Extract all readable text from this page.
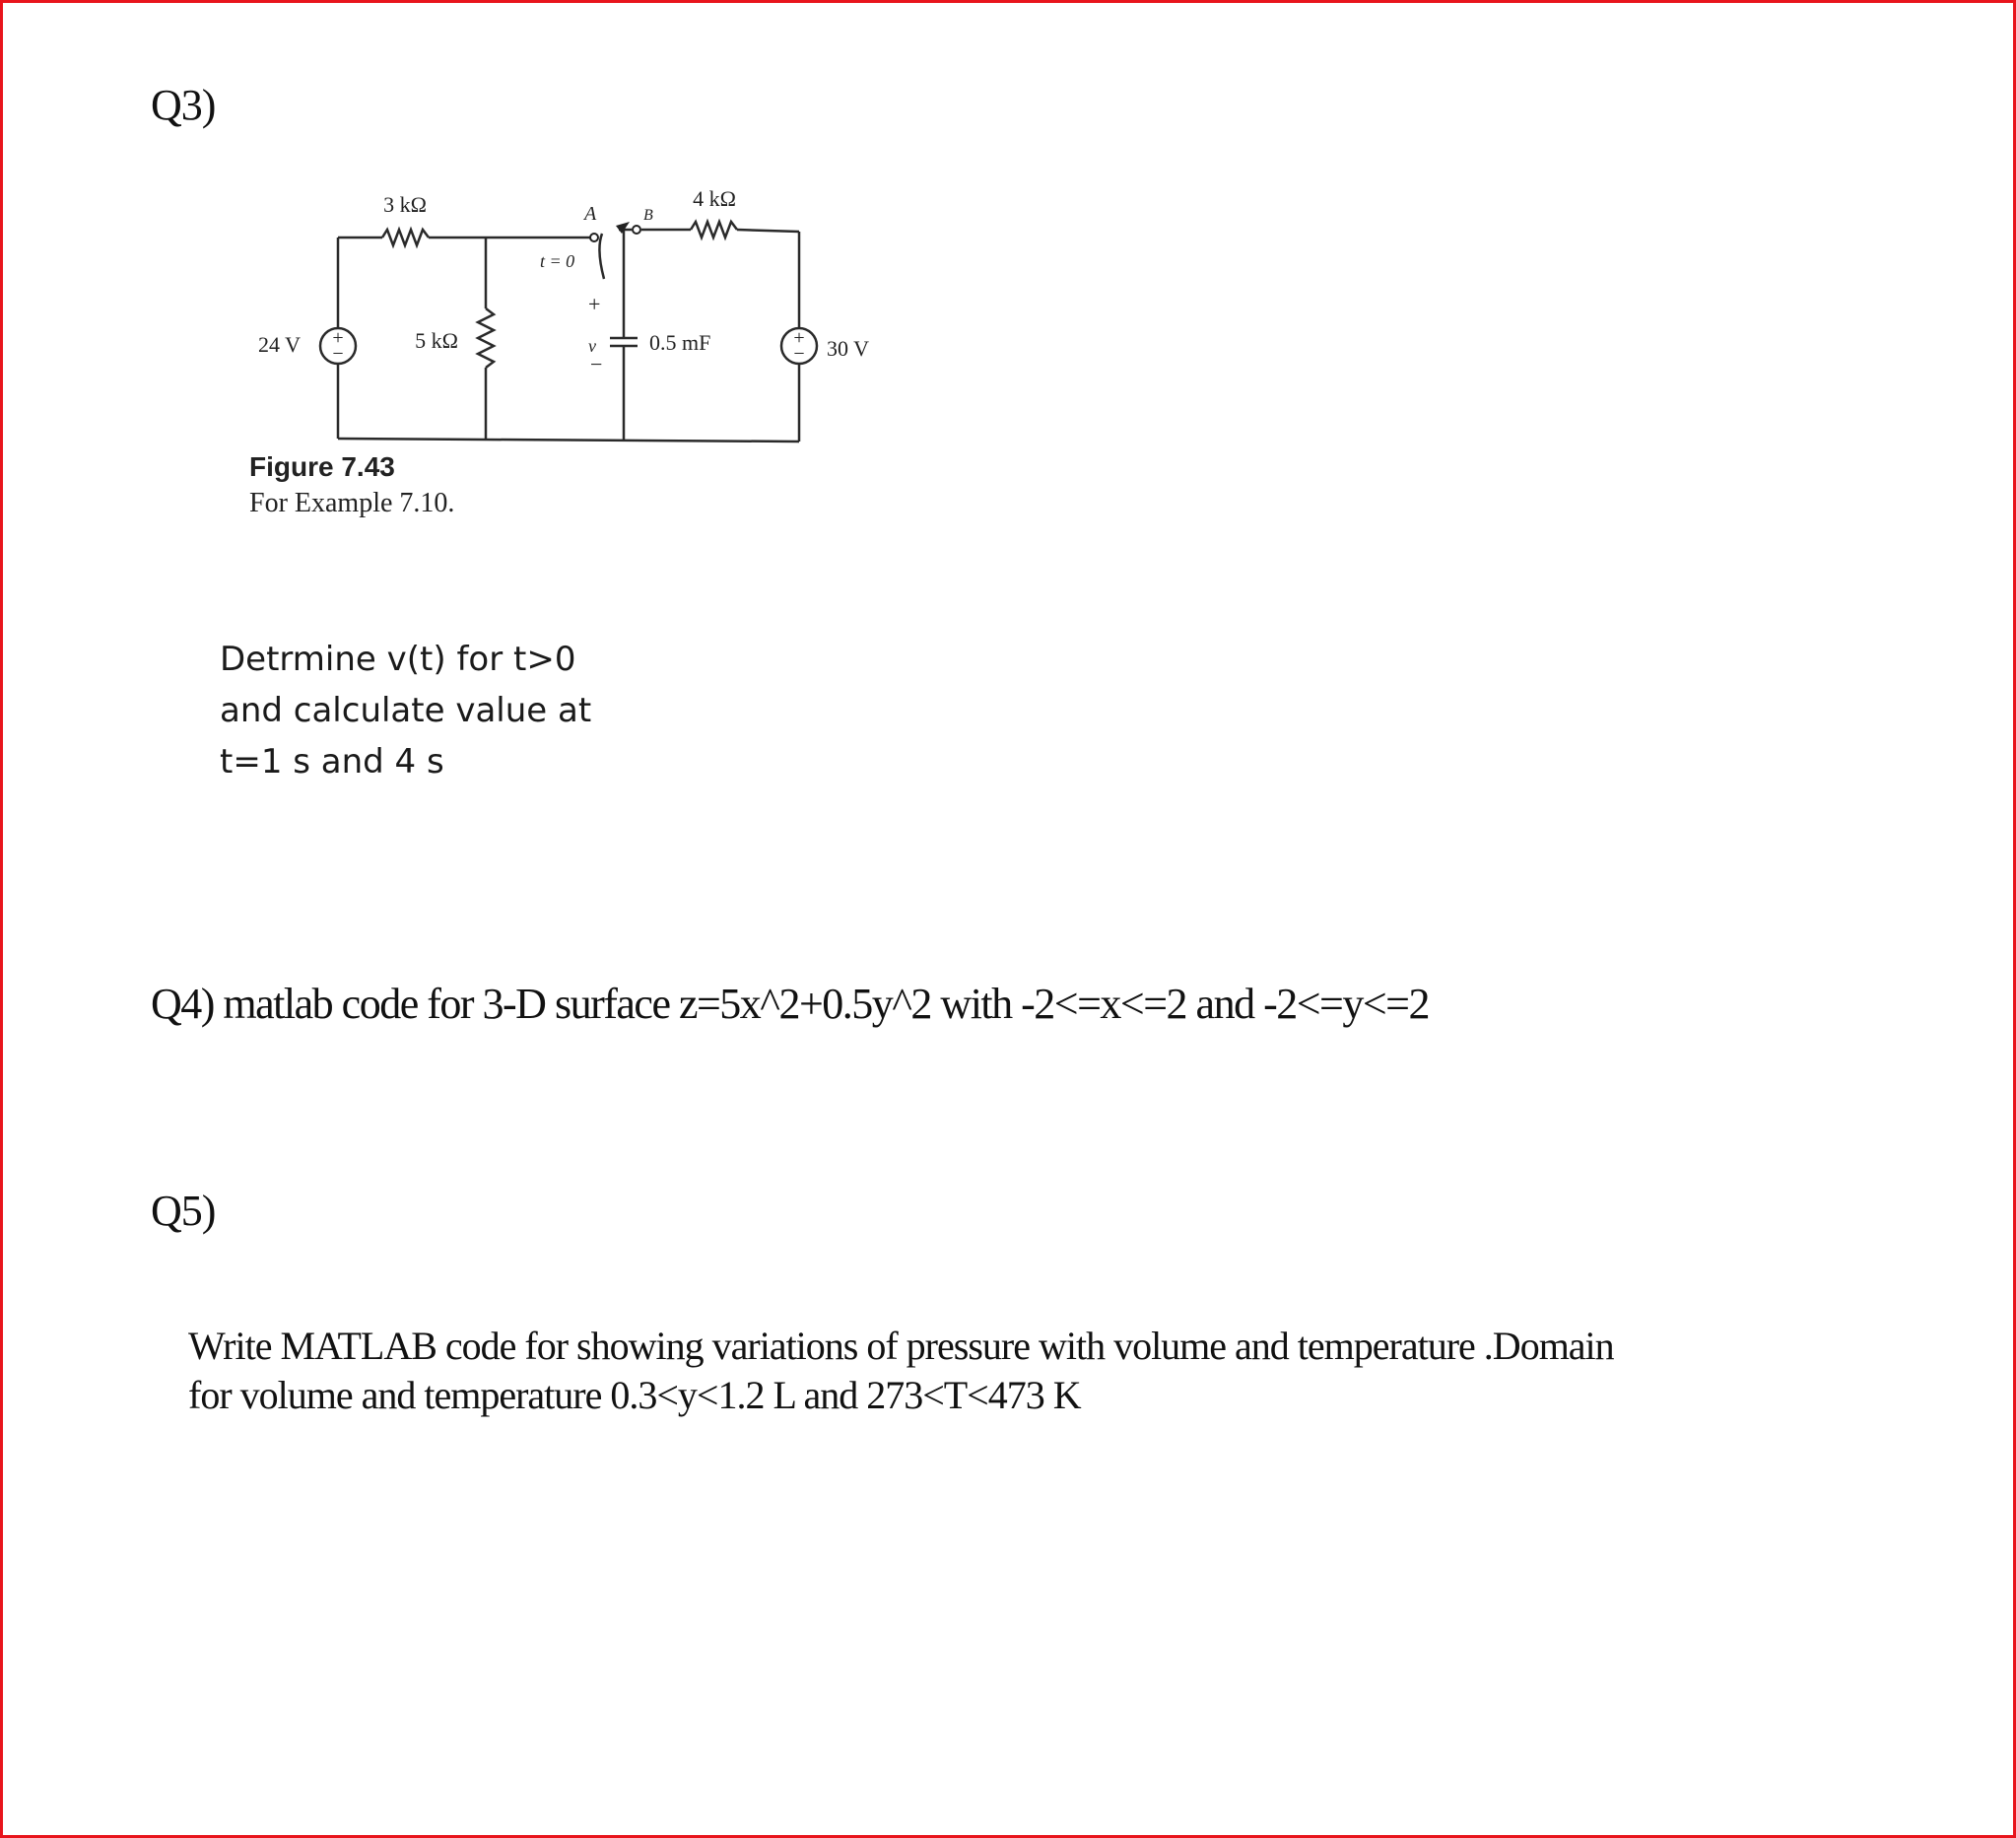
Q3)
+
−
+
−
3 kΩ	4 kΩ
5 kΩ
24 V	30 V
0.5 mF
A	B
t = 0
v
+
−
Figure 7.43
For Example 7.10.
Detrmine v(t) for t>0
and calculate value at
t=1 s and 4 s
Q4) matlab code for 3-D surface z=5x^2+0.5y^2 with -2<=x<=2 and -2<=y<=2
Q5)
Write MATLAB code for showing variations of pressure with volume and temperature .Domain
for volume and temperature 0.3<y<1.2 L and 273<T<473 K
